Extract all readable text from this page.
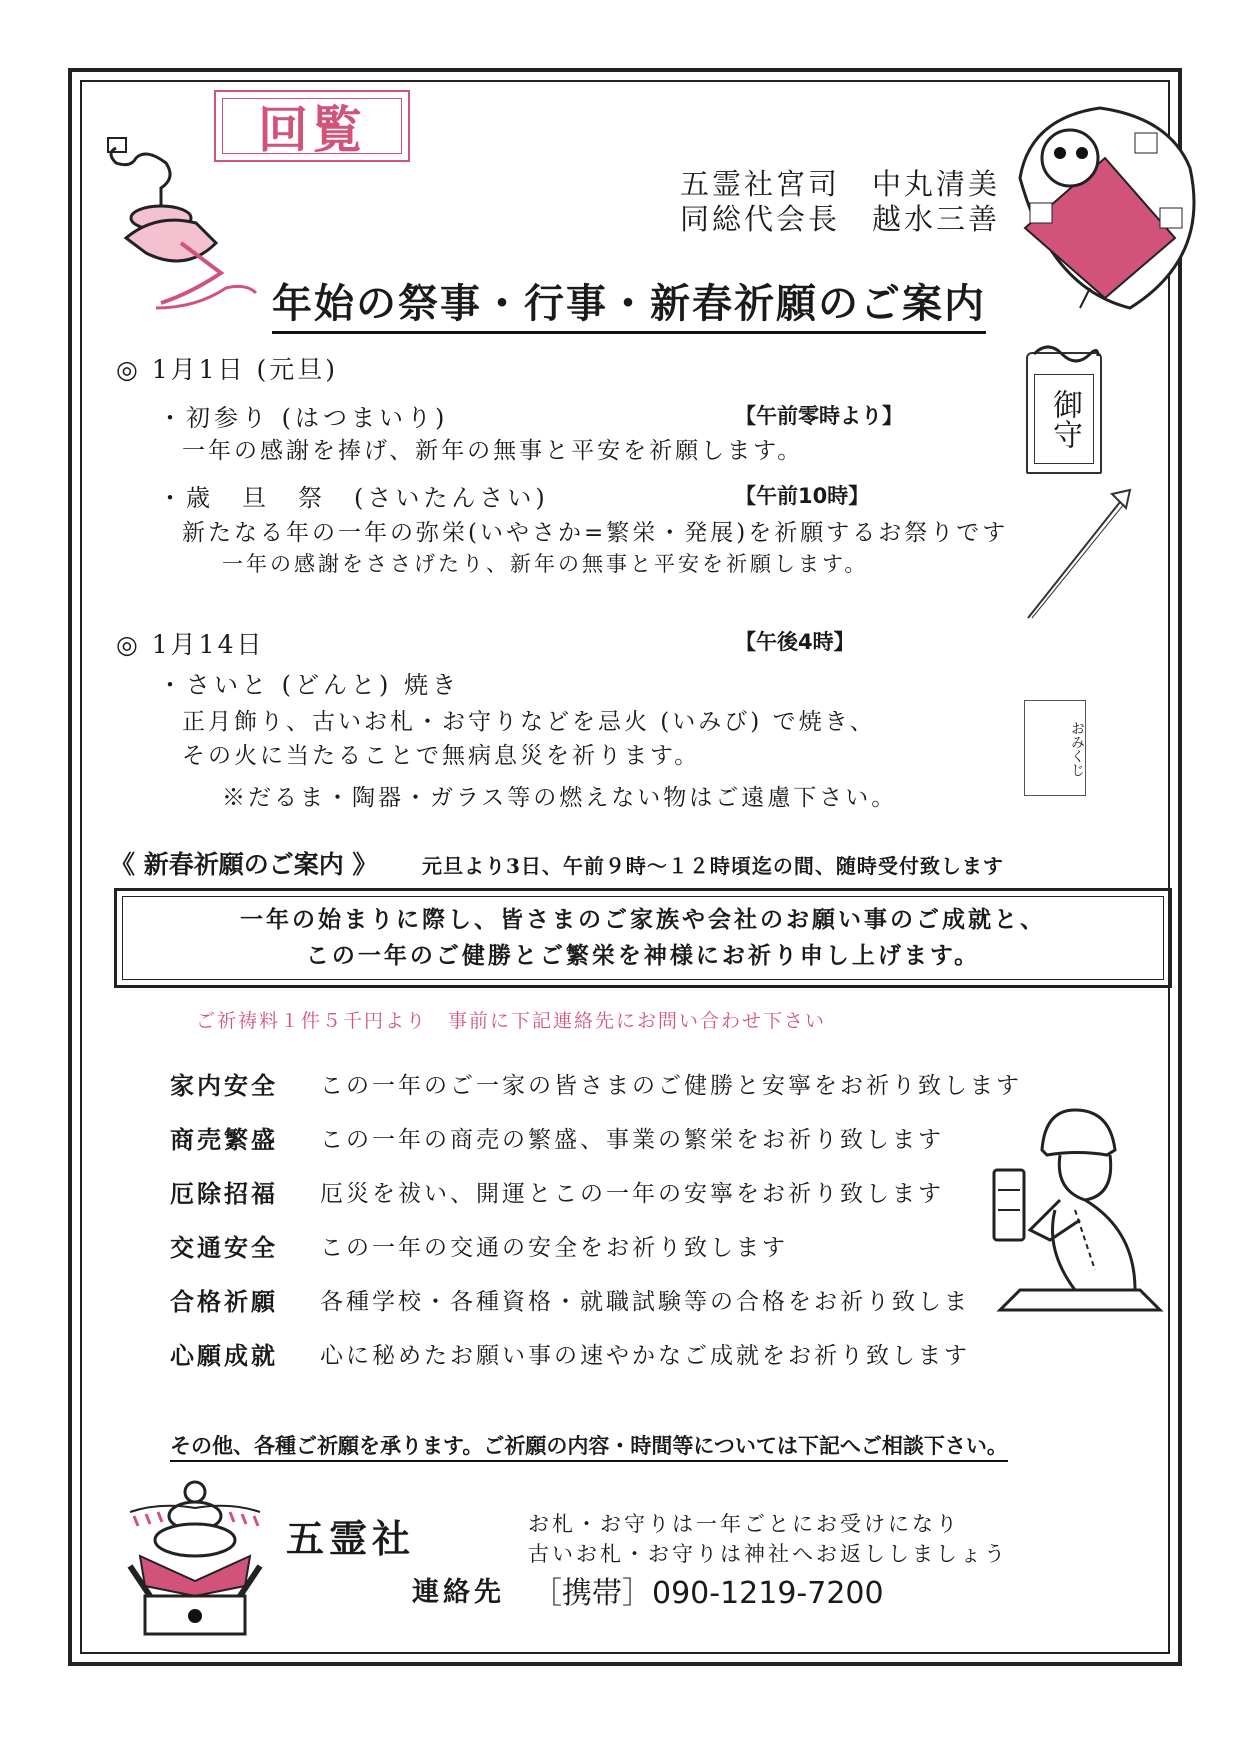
回覧
五霊社宮司　中丸清美
同総代会長　越水三善
年始の祭事・行事・新春祈願のご案内
◎ 1月1日 (元旦)
・初参り (はつまいり)	【午前零時より】
一年の感謝を捧げ、新年の無事と平安を祈願します。
・歳　旦　祭　(さいたんさい)	【午前10時】
新たなる年の一年の弥栄(いやさか=繁栄・発展)を祈願するお祭りです
一年の感謝をささげたり、新年の無事と平安を祈願します。
御守
◎ 1月14日	【午後4時】
・さいと (どんと) 焼き
正月飾り、古いお札・お守りなどを忌火 (いみび) で焼き、
その火に当たることで無病息災を祈ります。
※だるま・陶器・ガラス等の燃えない物はご遠慮下さい。
おみくじ
《 新春祈願のご案内 》 元旦より3日、午前９時～１２時頃迄の間、随時受付致します
一年の始まりに際し、皆さまのご家族や会社のお願い事のご成就と、
この一年のご健勝とご繁栄を神様にお祈り申し上げます。
ご祈祷料１件５千円より　事前に下記連絡先にお問い合わせ下さい
家内安全 この一年のご一家の皆さまのご健勝と安寧をお祈り致します
商売繁盛 この一年の商売の繁盛、事業の繁栄をお祈り致します
厄除招福 厄災を祓い、開運とこの一年の安寧をお祈り致します
交通安全 この一年の交通の安全をお祈り致します
合格祈願 各種学校・各種資格・就職試験等の合格をお祈り致しま
心願成就 心に秘めたお願い事の速やかなご成就をお祈り致します
その他、各種ご祈願を承ります。ご祈願の内容・時間等については下記へご相談下さい。
五霊社	お札・お守りは一年ごとにお受けになり
古いお札・お守りは神社へお返ししましょう
連絡先 ［携帯］090-1219-7200
